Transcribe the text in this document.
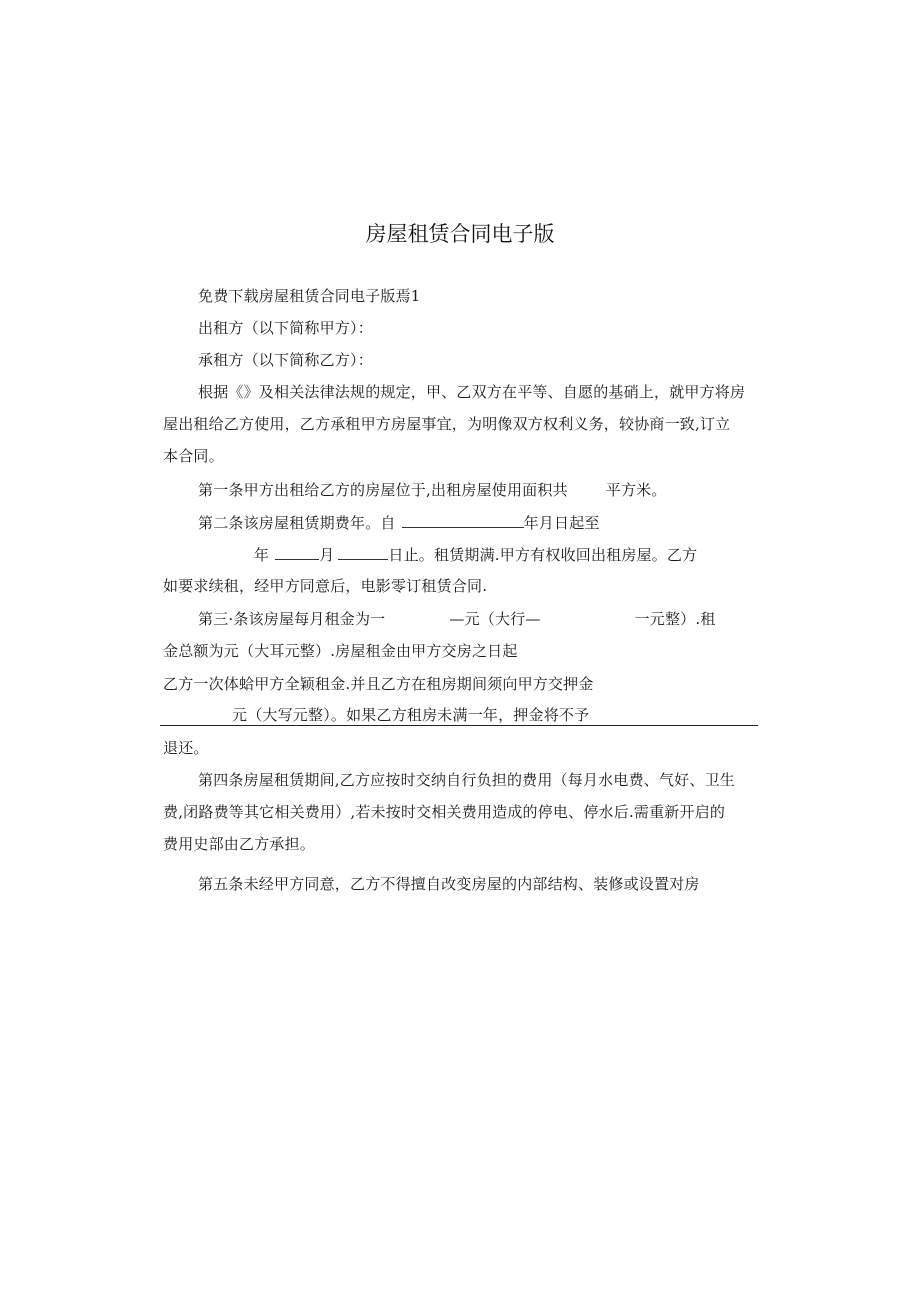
房屋租赁合同电子版
免费下载房屋租赁合同电子版焉1
出租方（以下简称甲方）：
承租方（以下简称乙方）：
根据《》及相关法律法规的规定，甲、乙双方在平等、自愿的基硝上，就甲方将房
屋出租给乙方使用，乙方承租甲方房屋事宜，为明像双方权利义务，较协商一致,订立
本合同。
第一条甲方出租给乙方的房屋位于,出租房屋使用面积共	平方米。
第二条该房屋租赁期费年。自	年月日起至
年	月	日止。租赁期满.甲方有权收回出租房屋。乙方
如要求续租，经甲方同意后，电影零订租赁合同.
第三·条该房屋每月租金为一	—元（大行—	一元整）.租
金总额为元（大耳元整）.房屋租金由甲方交房之日起
乙方一次体蛤甲方全颖租金.并且乙方在租房期间须向甲方交押金
元（大写元整）。如果乙方租房未满一年，押金将不予
退还。
第四条房屋租赁期间,乙方应按时交纳自行负担的费用（每月水电费、气好、卫生
费,闭路费等其它相关费用）,若未按时交相关费用造成的停电、停水后.需重新开启的
费用史部由乙方承担。
第五条未经甲方同意，乙方不得擅自改变房屋的内部结构、装修或设置对房
